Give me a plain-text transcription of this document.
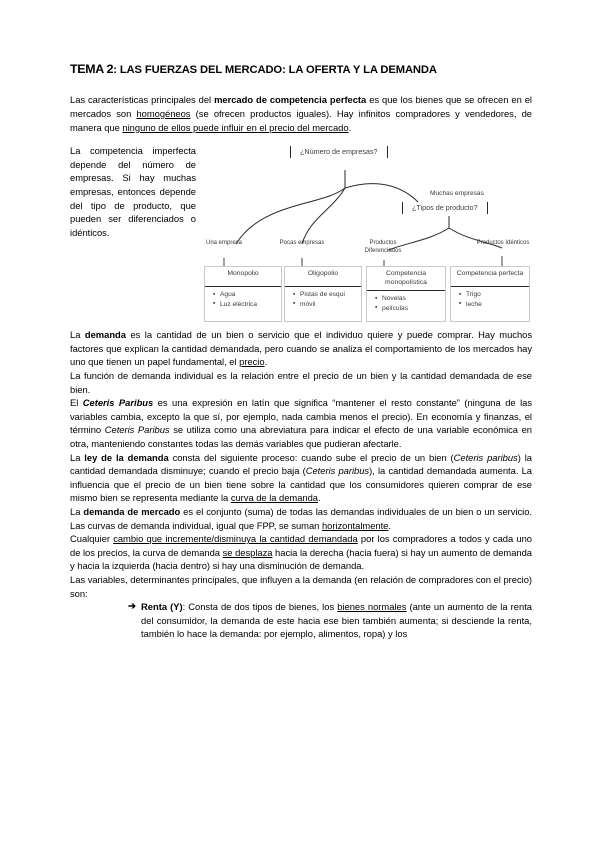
TEMA 2: LAS FUERZAS DEL MERCADO: LA OFERTA Y LA DEMANDA

Las características principales del mercado de competencia perfecta es que los bienes que se ofrecen en el mercados son homogéneos (se ofrecen productos iguales). Hay infinitos compradores y vendedores, de manera que ninguno de ellos puede influir en el precio del mercado.

¿Número de empresas?
Muchas empresas
¿Tipos de producto?
Una empresa	Pocas empresas	Productos Diferenciados
Productos Idénticos
Monopolio
▪ Agua
▪ Luz eléctrica
Oligopolio
▪ Pistas de esquí
▪ móvil
Competencia monopolística
▪ Novelas
▪ películas
Competencia perfecta
▪ Trigo
▪ leche
La competencia imperfecta depende del número de empresas. Si hay muchas empresas, entonces depende del tipo de producto, que pueden ser diferenciados o idénticos.

La demanda es la cantidad de un bien o servicio que el individuo quiere y puede comprar. Hay muchos factores que explican la cantidad demandada, pero cuando se analiza el comportamiento de los mercados hay uno que tienen un papel fundamental, el precio.

La función de demanda individual es la relación entre el precio de un bien y la cantidad demandada de ese bien.

El Ceteris Paribus es una expresión en latín que significa “mantener el resto constante” (ninguna de las variables cambia, excepto la que sí, por ejemplo, nada cambia menos el precio). En economía y finanzas, el término Ceteris Paribus se utiliza como una abreviatura para indicar el efecto de una variable económica en otra, manteniendo constantes todas las demás variables que pudieran afectarle.

La ley de la demanda consta del siguiente proceso: cuando sube el precio de un bien (Ceteris paribus) la cantidad demandada disminuye; cuando el precio baja (Ceteris paribus), la cantidad demandada aumenta. La influencia que el precio de un bien tiene sobre la cantidad que los consumidores quieren comprar de ese mismo bien se representa mediante la curva de la demanda.

La demanda de mercado es el conjunto (suma) de todas las demandas individuales de un bien o un servicio. Las curvas de demanda individual, igual que FPP, se suman horizontalmente.

Cualquier cambio que incremente/disminuya la cantidad demandada por los compradores a todos y cada uno de los precios, la curva de demanda se desplaza hacia la derecha (hacia fuera) si hay un aumento de demanda y hacia la izquierda (hacia dentro) si hay una disminución de demanda.

Las variables, determinantes principales, que influyen a la demanda (en relación de compradores con el precio) son:

➔ Renta (Y): Consta de dos tipos de bienes, los bienes normales (ante un aumento de la renta del consumidor, la demanda de este hacia ese bien también aumenta; si desciende la renta, también lo hace la demanda: por ejemplo, alimentos, ropa) y los
